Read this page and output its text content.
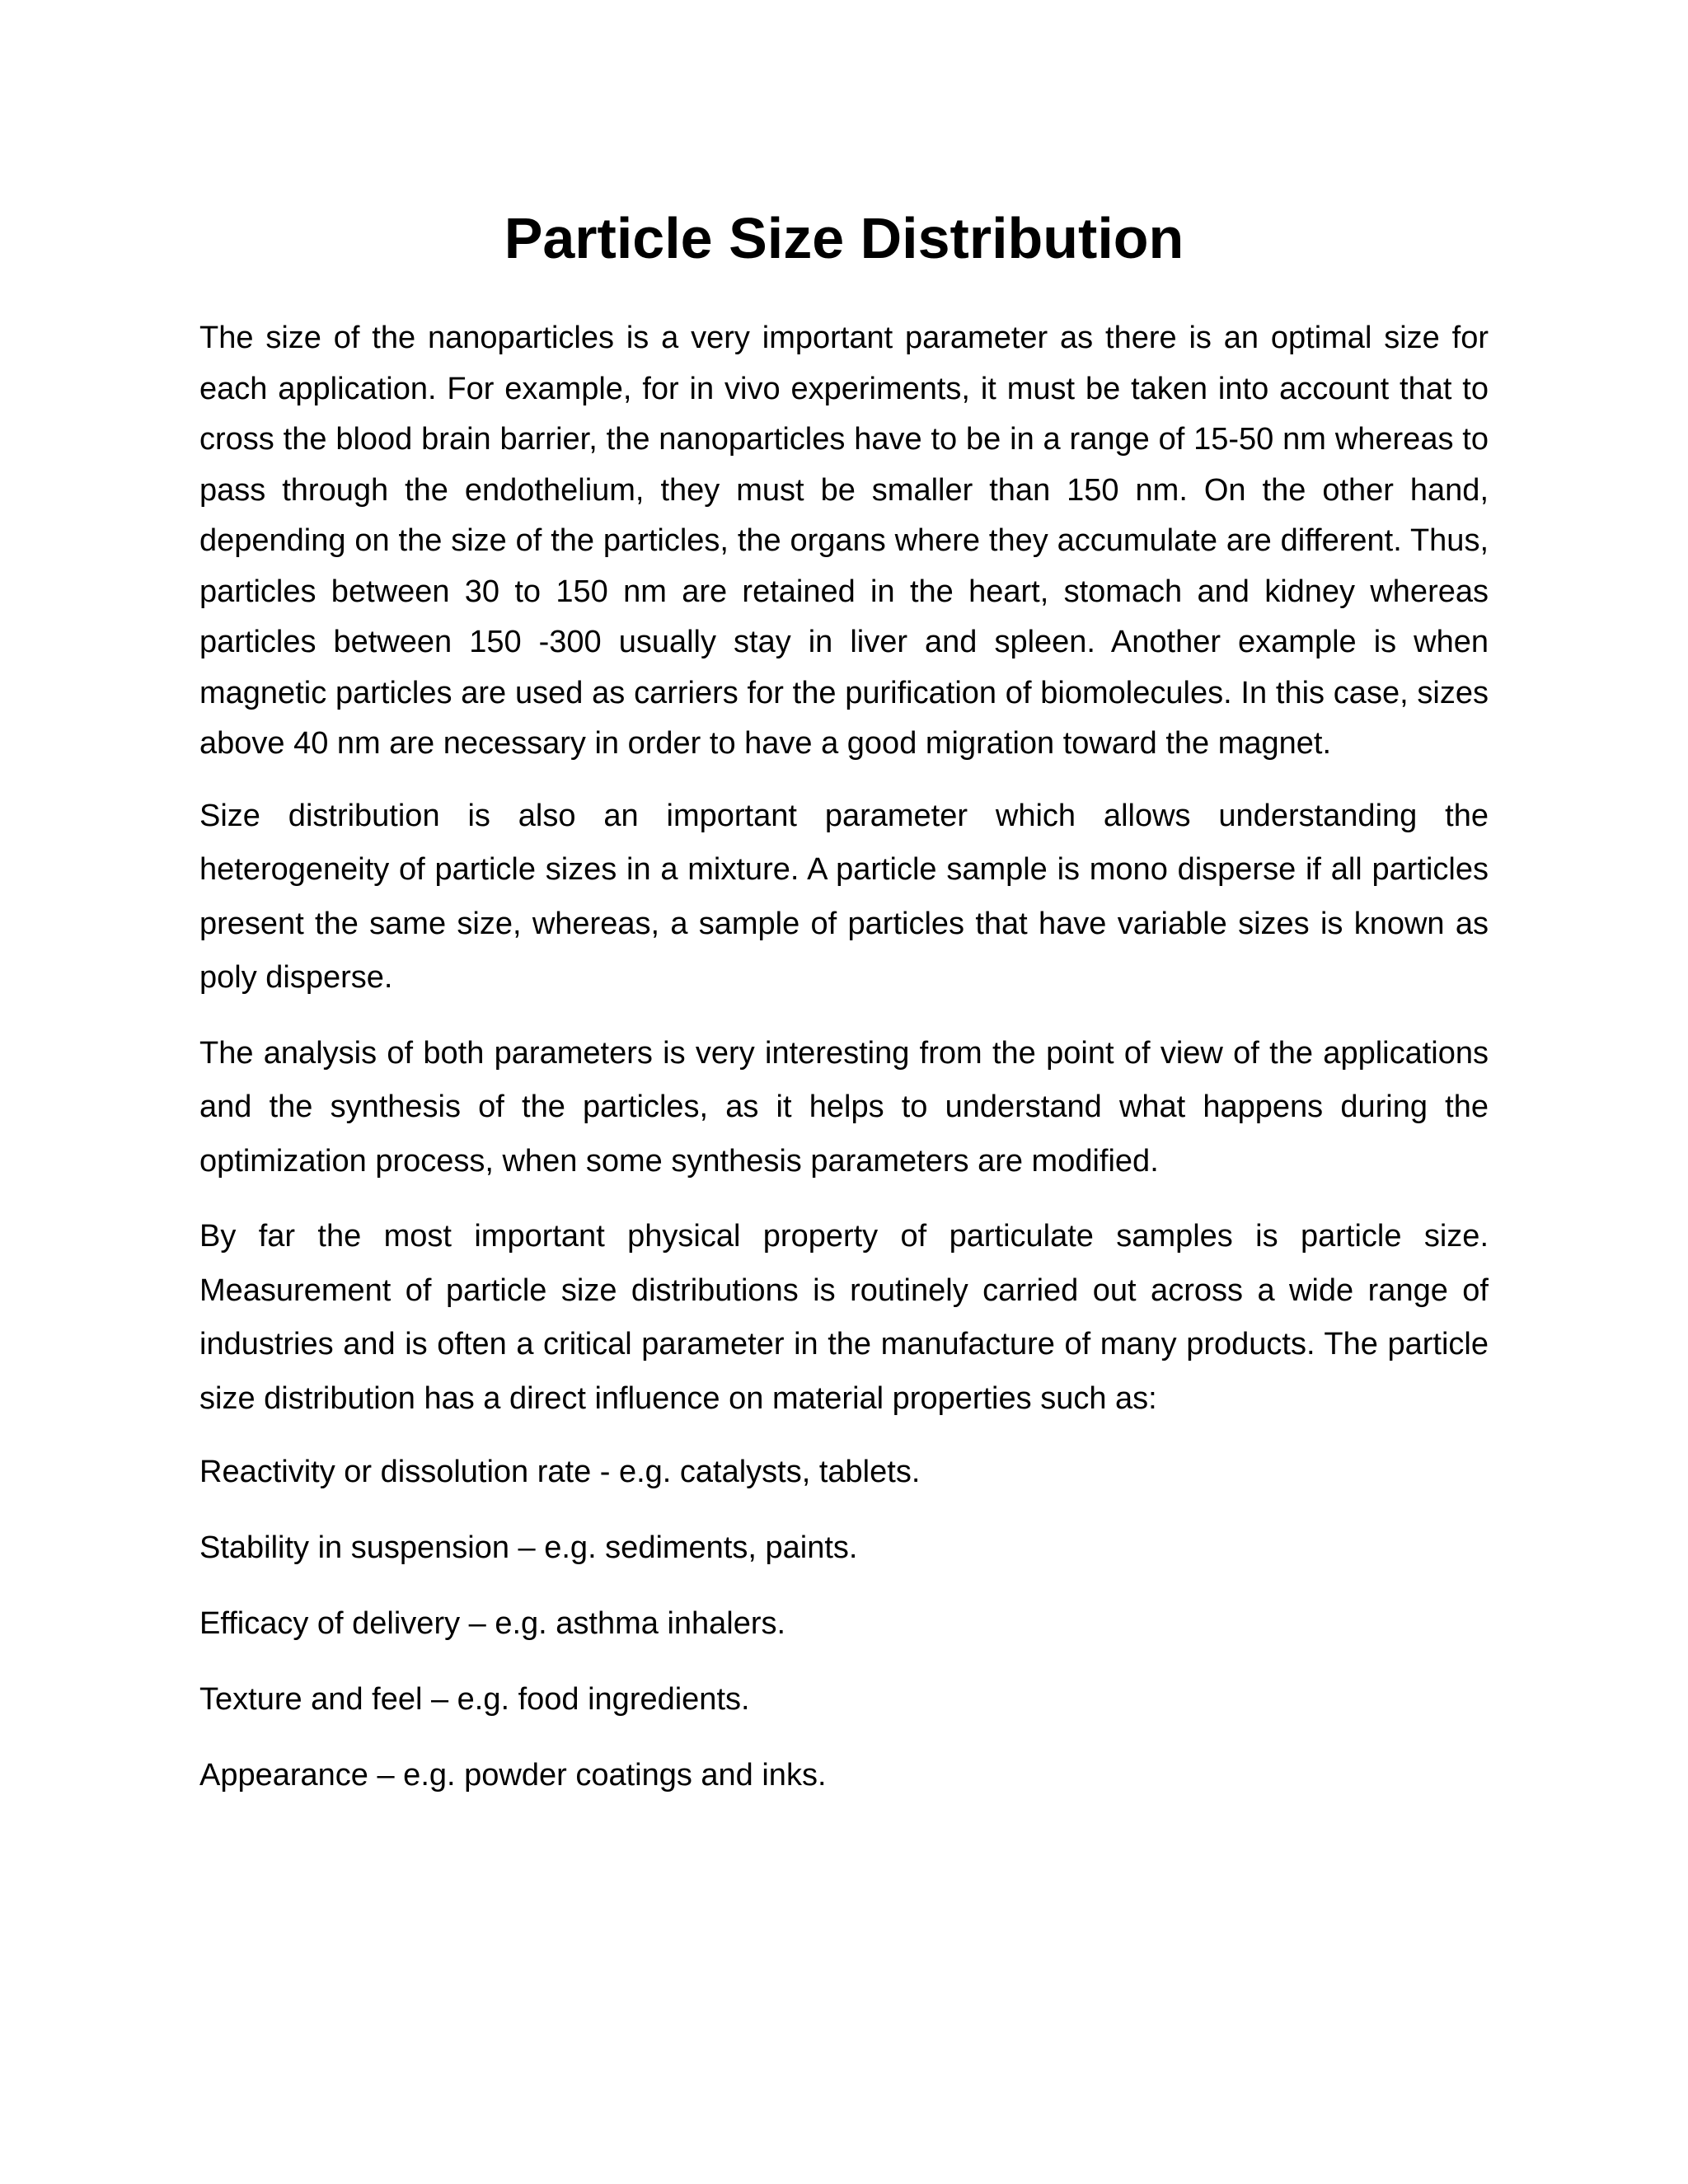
Particle Size Distribution

The size of the nanoparticles is a very important parameter as there is an optimal size for each application. For example, for in vivo experiments, it must be taken into account that to cross the blood brain barrier, the nanoparticles have to be in a range of 15-50 nm whereas to pass through the endothelium, they must be smaller than 150 nm. On the other hand, depending on the size of the particles, the organs where they accumulate are different. Thus, particles between 30 to 150 nm are retained in the heart, stomach and kidney whereas particles between 150 -300 usually stay in liver and spleen. Another example is when magnetic particles are used as carriers for the purification of biomolecules. In this case, sizes above 40 nm are necessary in order to have a good migration toward the magnet.

Size distribution is also an important parameter which allows understanding the heterogeneity of particle sizes in a mixture. A particle sample is mono disperse if all particles present the same size, whereas, a sample of particles that have variable sizes is known as poly disperse.

The analysis of both parameters is very interesting from the point of view of the applications and the synthesis of the particles, as it helps to understand what happens during the optimization process, when some synthesis parameters are modified.

By far the most important physical property of particulate samples is particle size. Measurement of particle size distributions is routinely carried out across a wide range of industries and is often a critical parameter in the manufacture of many products. The particle size distribution has a direct influence on material properties such as:

Reactivity or dissolution rate - e.g. catalysts, tablets.
Stability in suspension – e.g. sediments, paints.
Efficacy of delivery – e.g. asthma inhalers.
Texture and feel – e.g. food ingredients.
Appearance – e.g. powder coatings and inks.
